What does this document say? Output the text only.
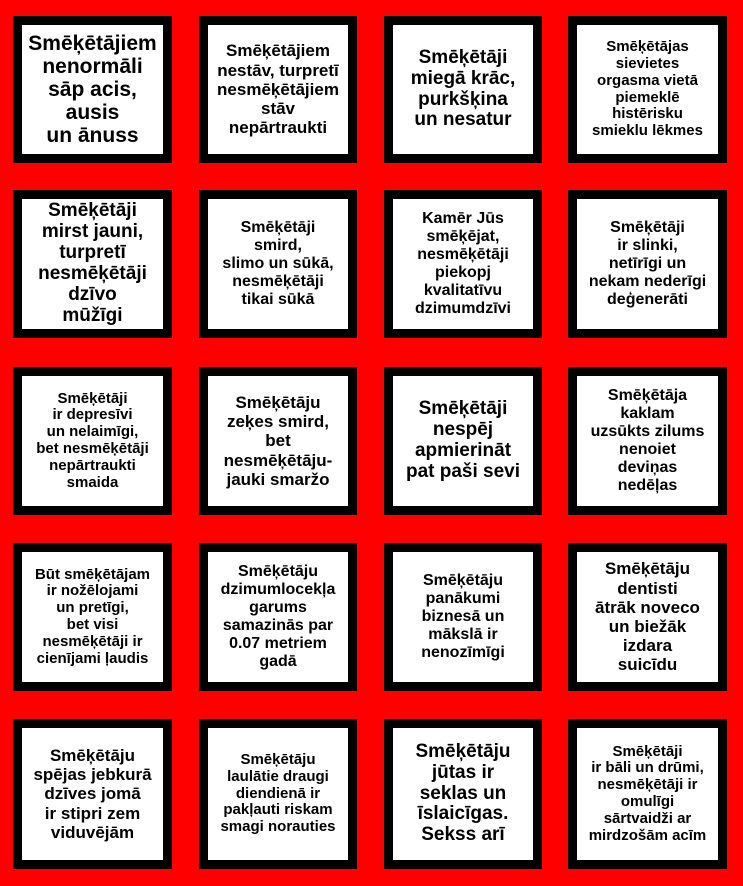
Smēķētājiem
nenormāli
sāp acis,
ausis
un ānuss
Smēķētājiem
nestāv, turpretī
nesmēķētājiem
stāv
nepārtraukti
Smēķētāji
miegā krāc,
purkšķina
un nesatur
Smēķētājas
sievietes
orgasma vietā
piemeklē
histērisku
smieklu lēkmes
Smēķētāji
mirst jauni,
turpretī
nesmēķētāji
dzīvo
mūžīgi
Smēķētāji
smird,
slimo un sūkā,
nesmēķētāji
tikai sūkā
Kamēr Jūs
smēķējat,
nesmēķētāji
piekopj
kvalitatīvu
dzimumdzīvi
Smēķētāji
ir slinki,
netīrīgi un
nekam nederīgi
deģenerāti
Smēķētāji
ir depresīvi
un nelaimīgi,
bet nesmēķētāji
nepārtraukti
smaida
Smēķētāju
zeķes smird,
bet
nesmēķētāju-
jauki smaržo
Smēķētāji
nespēj
apmierināt
pat paši sevi
Smēķētāja
kaklam
uzsūkts zilums
nenoiet
deviņas
nedēļas
Būt smēķētājam
ir nožēlojami
un pretīgi,
bet visi
nesmēķētāji ir
cienījami ļaudis
Smēķētāju
dzimumlocekļa
garums
samazinās par
0.07 metriem
gadā
Smēķētāju
panākumi
biznesā un
mākslā ir
nenozīmīgi
Smēķētāju
dentisti
ātrāk noveco
un biežāk
izdara
suicīdu
Smēķētāju
spējas jebkurā
dzīves jomā
ir stipri zem
viduvējām
Smēķētāju
laulātie draugi
diendienā ir
pakļauti riskam
smagi norauties
Smēķētāju
jūtas ir
seklas un
īslaicīgas.
Sekss arī
Smēķētāji
ir bāli un drūmi,
nesmēķētāji ir
omulīgi
sārtvaidži ar
mirdzošām acīm
